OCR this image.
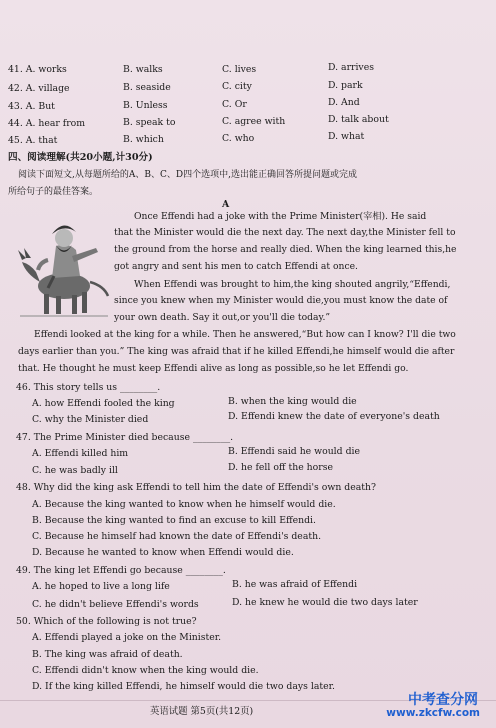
41. A. works	B. walks	C. lives	D. arrives
42. A. village	B. seaside	C. city	D. park
43. A. But	B. Unless	C. Or	D. And
44. A. hear from	B. speak to	C. agree with	D. talk about
45. A. that	B. which	C. who	D. what
四、阅读理解(共20小题,计30分)
阅读下面短文,从每题所给的A、B、C、D四个选项中,选出能正确回答所提问题或完成
所给句子的最佳答案。
A
Once Effendi had a joke with the Prime Minister(宰相). He said
that the Minister would die the next day. The next day,the Minister fell to
the ground from the horse and really died. When the king learned this,he
got angry and sent his men to catch Effendi at once.
When Effendi was brought to him,the king shouted angrily,“Effendi,
since you knew when my Minister would die,you must know the date of
your own death. Say it out,or you'll die today.”
Effendi looked at the king for a while. Then he answered,“But how can I know? I'll die two
days earlier than you.” The king was afraid that if he killed Effendi,he himself would die after
that. He thought he must keep Effendi alive as long as possible,so he let Effendi go.
46. This story tells us ________.
A. how Effendi fooled the king	B. when the king would die
C. why the Minister died	D. Effendi knew the date of everyone's death
47. The Prime Minister died because ________.
A. Effendi killed him	B. Effendi said he would die
C. he was badly ill	D. he fell off the horse
48. Why did the king ask Effendi to tell him the date of Effendi's own death?
A. Because the king wanted to know when he himself would die.
B. Because the king wanted to find an excuse to kill Effendi.
C. Because he himself had known the date of Effendi's death.
D. Because he wanted to know when Effendi would die.
49. The king let Effendi go because ________.
A. he hoped to live a long life	B. he was afraid of Effendi
C. he didn't believe Effendi's words	D. he knew he would die two days later
50. Which of the following is not true?
A. Effendi played a joke on the Minister.
B. The king was afraid of death.
C. Effendi didn't know when the king would die.
D. If the king killed Effendi, he himself would die two days later.
英语试题 第5页(共12页)
中考查分网
www.zkcfw.com
